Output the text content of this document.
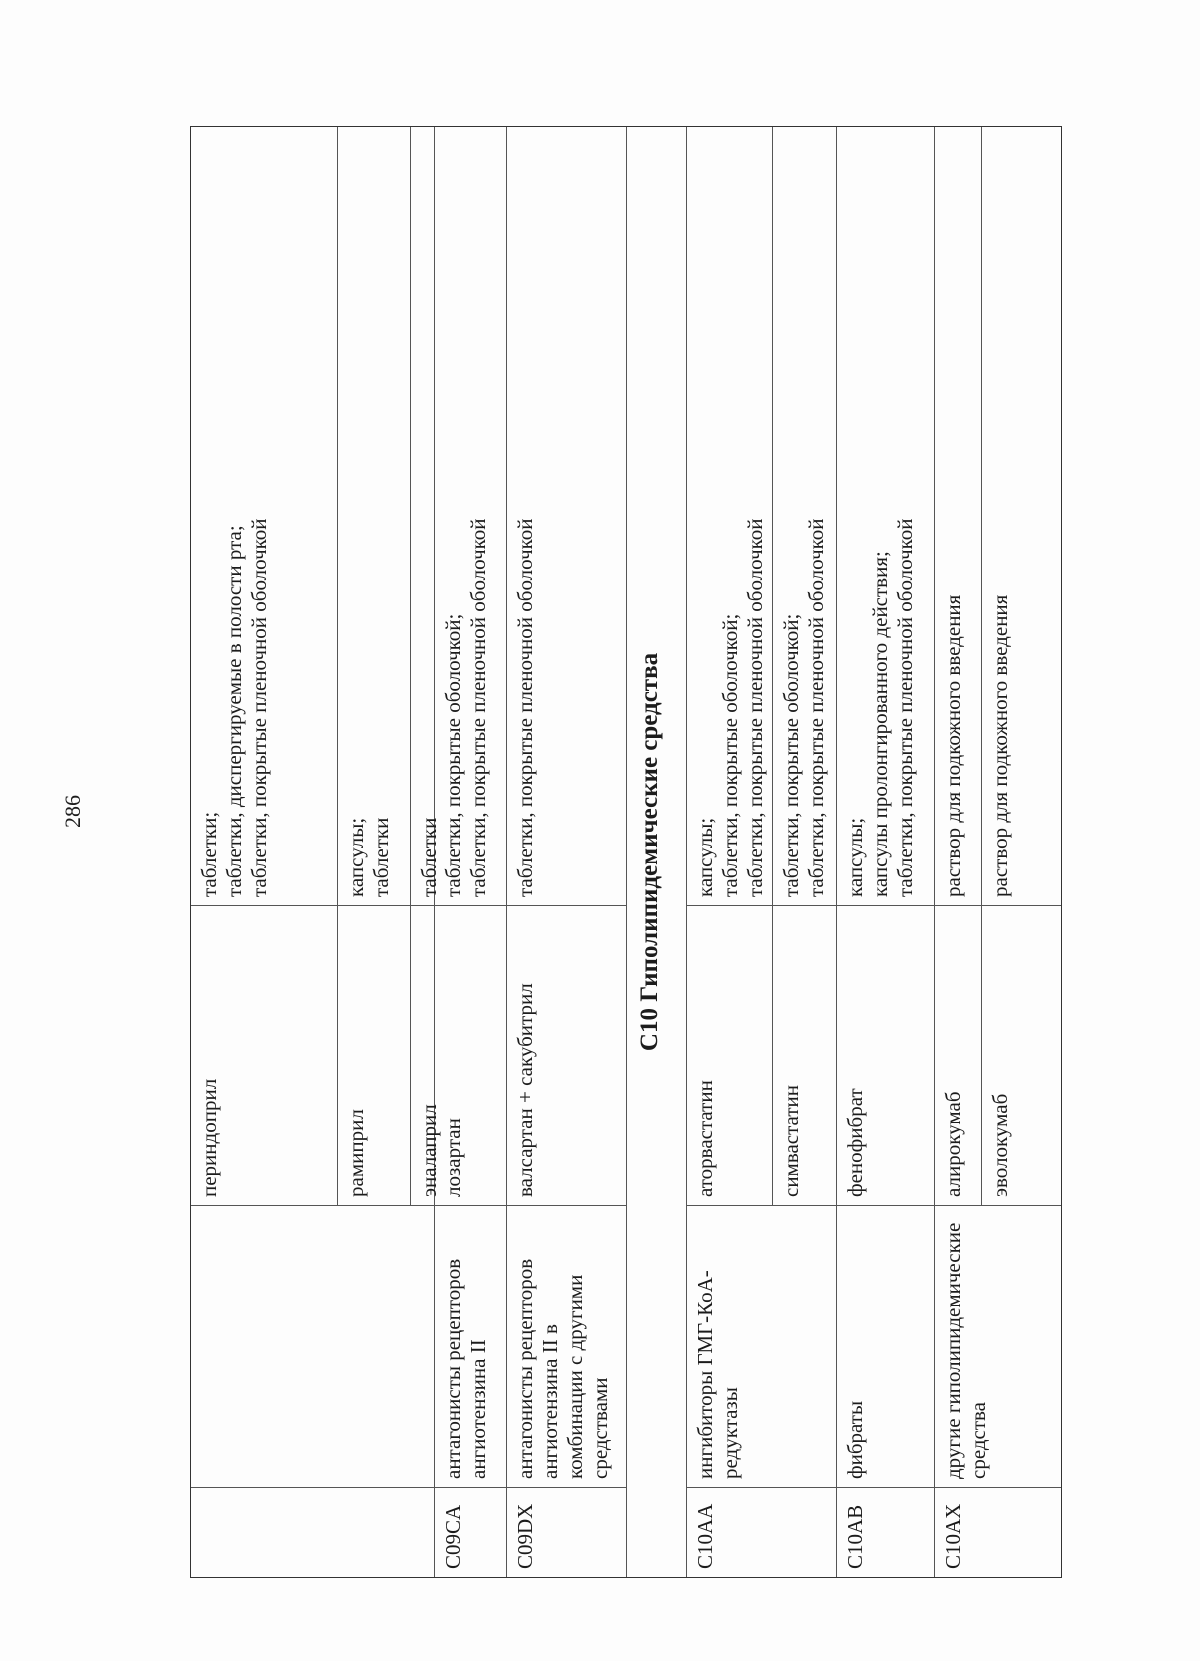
286
периндоприл
таблетки; таблетки, диспергируемые в полости рта; таблетки, покрытые пленочной оболочкой
рамиприл
капсулы; таблетки
эналаприл
таблетки
C09CA
антагонисты рецепторов ангиотензина II
лозартан
таблетки, покрытые оболочкой; таблетки, покрытые пленочной оболочкой
C09DX
антагонисты рецепторов ангиотензина II в комбинации с другими средствами
валсартан + сакубитрил
таблетки, покрытые пленочной оболочкой	С10 Гиполипидемические средства
C10AA
ингибиторы ГМГ-КоА-редуктазы
аторвастатин
капсулы; таблетки, покрытые оболочкой; таблетки, покрытые пленочной оболочкой
симвастатин
таблетки, покрытые оболочкой; таблетки, покрытые пленочной оболочкой
C10AB
фибраты
фенофибрат
капсулы; капсулы пролонгированного действия; таблетки, покрытые пленочной оболочкой
C10AX
другие гиполипидемические средства
алирокумаб
раствор для подкожного введения
эволокумаб
раствор для подкожного введения
